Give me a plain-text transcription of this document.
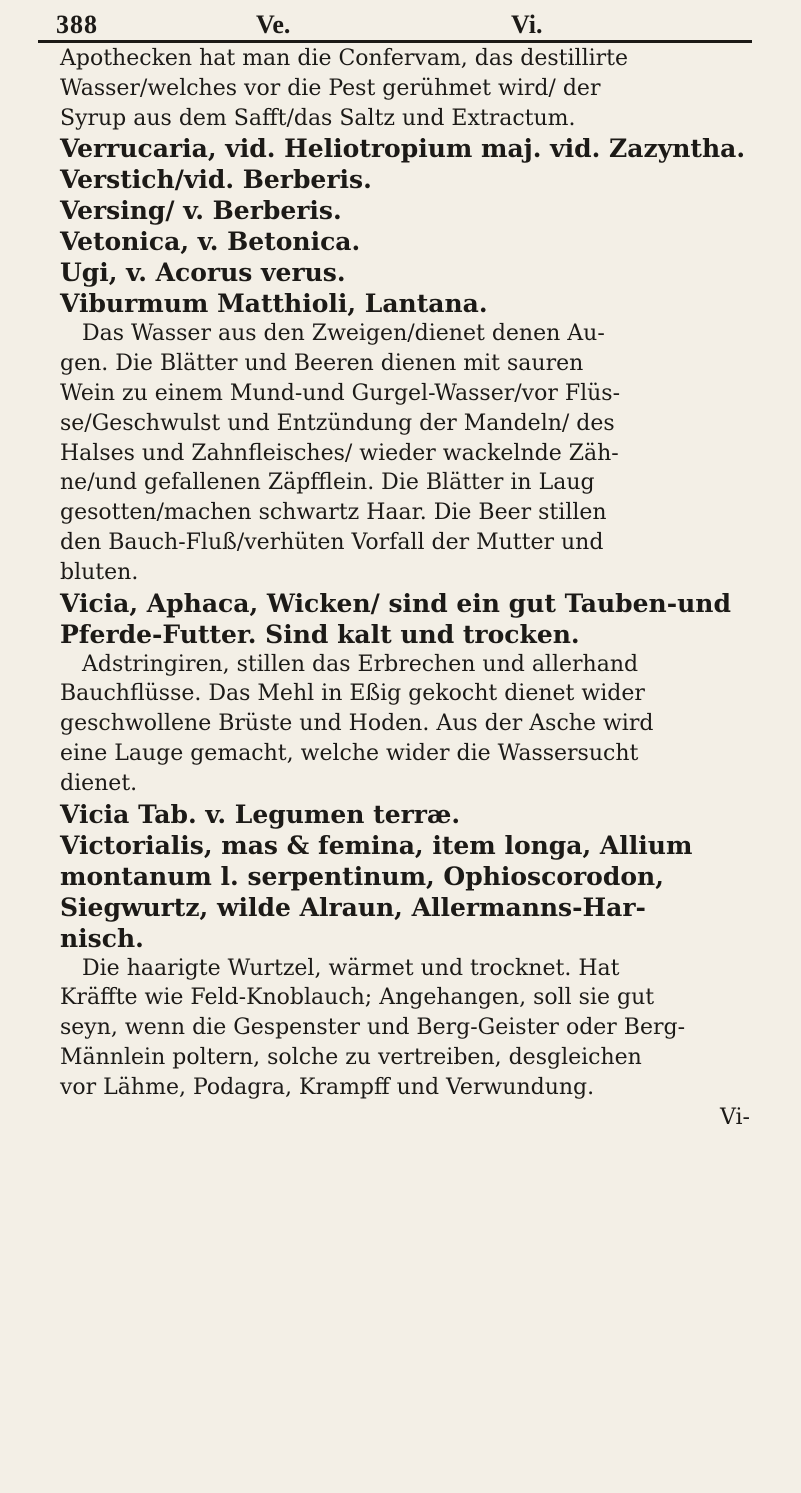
388	Ve.	Vi.

Apothecken hat man die Confervam, das destillirte

Wasser/welches vor die Pest gerühmet wird/ der

Syrup aus dem Safft/das Saltz und Extractum.

Verrucaria, vid. Heliotropium maj. vid. Zazyntha.

Verstich/vid. Berberis.

Versing/ v. Berberis.

Vetonica, v. Betonica.

Ugi, v. Acorus verus.

Viburmum Matthioli, Lantana.

Das Wasser aus den Zweigen/dienet denen Au-

gen. Die Blätter und Beeren dienen mit sauren

Wein zu einem Mund-und Gurgel-Wasser/vor Flüs-

se/Geschwulst und Entzündung der Mandeln/ des

Halses und Zahnfleisches/ wieder wackelnde Zäh-

ne/und gefallenen Zäpfflein. Die Blätter in Laug

gesotten/machen schwartz Haar. Die Beer stillen

den Bauch-Fluß/verhüten Vorfall der Mutter und

bluten.

Vicia, Aphaca, Wicken/ sind ein gut Tauben-und

Pferde-Futter. Sind kalt und trocken.

Adstringiren, stillen das Erbrechen und allerhand

Bauchflüsse. Das Mehl in Eßig gekocht dienet wider

geschwollene Brüste und Hoden. Aus der Asche wird

eine Lauge gemacht, welche wider die Wassersucht

dienet.

Vicia Tab. v. Legumen terræ.

Victorialis, mas & femina, item longa, Allium

montanum l. serpentinum, Ophioscorodon,

Siegwurtz, wilde Alraun, Allermanns-Har-

nisch.

Die haarigte Wurtzel, wärmet und trocknet. Hat

Kräffte wie Feld-Knoblauch; Angehangen, soll sie gut

seyn, wenn die Gespenster und Berg-Geister oder Berg-

Männlein poltern, solche zu vertreiben, desgleichen

vor Lähme, Podagra, Krampff und Verwundung.

Vi-
